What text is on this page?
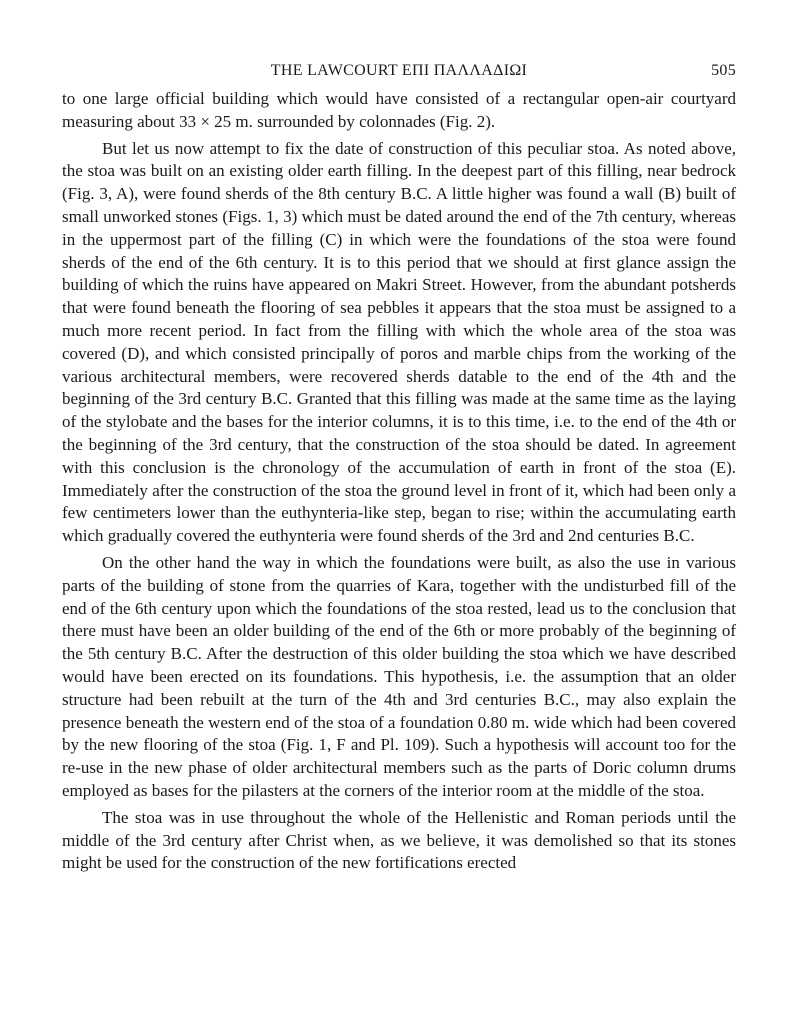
THE LAWCOURT ΕΠΙ ΠΑΛΛΑΔΙΩΙ	505

to one large official building which would have consisted of a rectangular open-air courtyard measuring about 33 × 25 m. surrounded by colonnades (Fig. 2).

But let us now attempt to fix the date of construction of this peculiar stoa. As noted above, the stoa was built on an existing older earth filling. In the deepest part of this filling, near bedrock (Fig. 3, A), were found sherds of the 8th century B.C. A little higher was found a wall (B) built of small unworked stones (Figs. 1, 3) which must be dated around the end of the 7th century, whereas in the uppermost part of the filling (C) in which were the foundations of the stoa were found sherds of the end of the 6th century. It is to this period that we should at first glance assign the building of which the ruins have appeared on Makri Street. However, from the abundant potsherds that were found beneath the flooring of sea pebbles it appears that the stoa must be assigned to a much more recent period. In fact from the filling with which the whole area of the stoa was covered (D), and which consisted principally of poros and marble chips from the working of the various architectural members, were recovered sherds datable to the end of the 4th and the beginning of the 3rd century B.C. Granted that this filling was made at the same time as the laying of the stylobate and the bases for the interior columns, it is to this time, i.e. to the end of the 4th or the beginning of the 3rd century, that the construction of the stoa should be dated. In agreement with this conclusion is the chronology of the accumulation of earth in front of the stoa (E). Immediately after the construction of the stoa the ground level in front of it, which had been only a few centimeters lower than the euthynteria-like step, began to rise; within the accumulating earth which gradually covered the euthynteria were found sherds of the 3rd and 2nd centuries B.C.

On the other hand the way in which the foundations were built, as also the use in various parts of the building of stone from the quarries of Kara, together with the undisturbed fill of the end of the 6th century upon which the foundations of the stoa rested, lead us to the conclusion that there must have been an older building of the end of the 6th or more probably of the beginning of the 5th century B.C. After the destruction of this older building the stoa which we have described would have been erected on its foundations. This hypothesis, i.e. the assumption that an older structure had been rebuilt at the turn of the 4th and 3rd centuries B.C., may also explain the presence beneath the western end of the stoa of a foundation 0.80 m. wide which had been covered by the new flooring of the stoa (Fig. 1, F and Pl. 109). Such a hypothesis will account too for the re-use in the new phase of older architectural members such as the parts of Doric column drums employed as bases for the pilasters at the corners of the interior room at the middle of the stoa.

The stoa was in use throughout the whole of the Hellenistic and Roman periods until the middle of the 3rd century after Christ when, as we believe, it was demolished so that its stones might be used for the construction of the new fortifications erected
